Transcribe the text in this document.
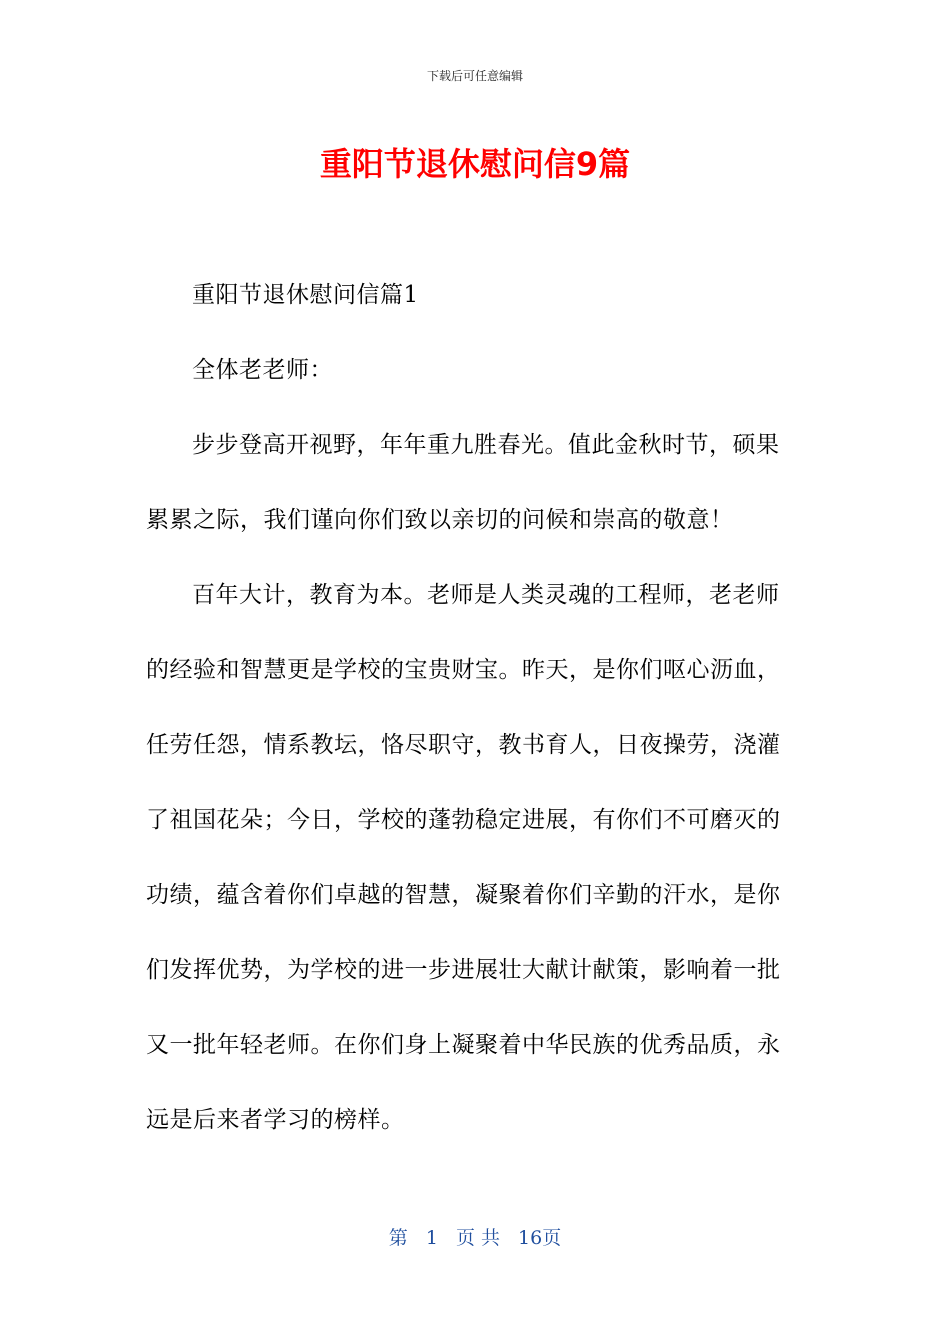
下载后可任意编辑
重阳节退休慰问信9篇

重阳节退休慰问信篇1

全体老老师：

步步登高开视野，年年重九胜春光。值此金秋时节，硕果累累之际，我们谨向你们致以亲切的问候和崇高的敬意！

百年大计，教育为本。老师是人类灵魂的工程师，老老师的经验和智慧更是学校的宝贵财宝。昨天，是你们呕心沥血，任劳任怨，情系教坛，恪尽职守，教书育人，日夜操劳，浇灌了祖国花朵；今日，学校的蓬勃稳定进展，有你们不可磨灭的功绩，蕴含着你们卓越的智慧，凝聚着你们辛勤的汗水，是你们发挥优势，为学校的进一步进展壮大献计献策，影响着一批又一批年轻老师。在你们身上凝聚着中华民族的优秀品质，永远是后来者学习的榜样。

第 1 页 共 16页
